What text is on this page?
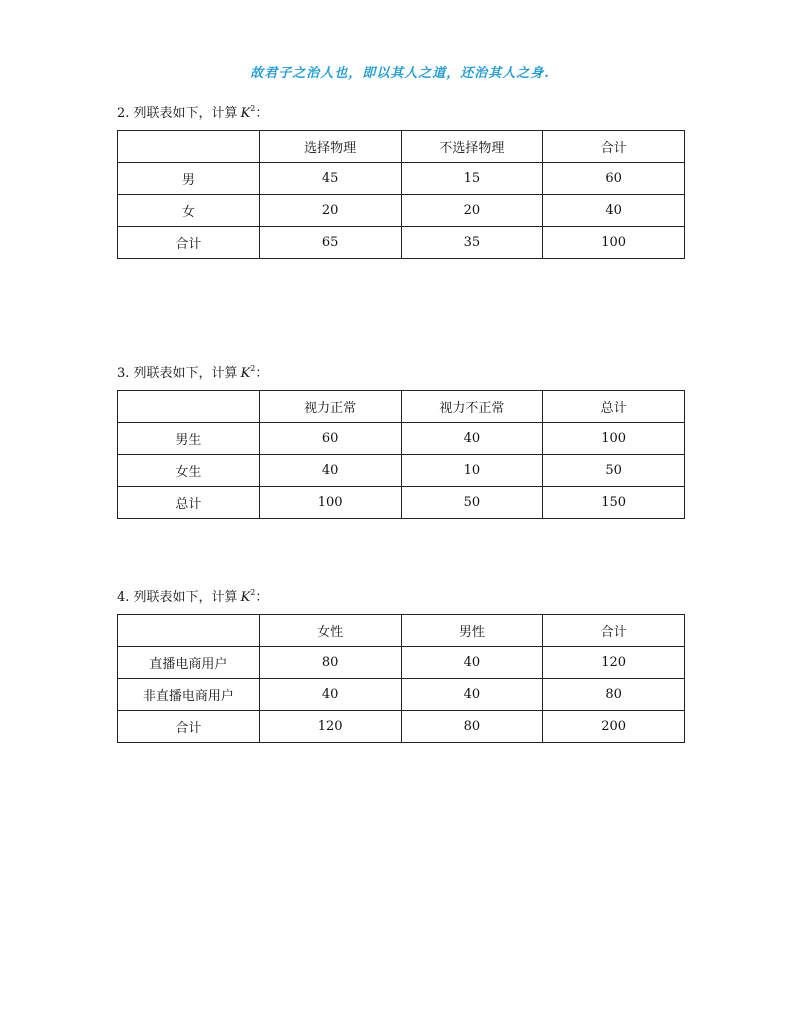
故君子之治人也，即以其人之道，还治其人之身.

2. 列联表如下，计算 $K^2$：

	选择物理	不选择物理	合计
男	45	15	60
女	20	20	40
合计	65	35	100

3. 列联表如下，计算 $K^2$：

	视力正常	视力不正常	总计
男生	60	40	100
女生	40	10	50
总计	100	50	150

4. 列联表如下，计算 $K^2$：

	女性	男性	合计
直播电商用户	80	40	120
非直播电商用户	40	40	80
合计	120	80	200
